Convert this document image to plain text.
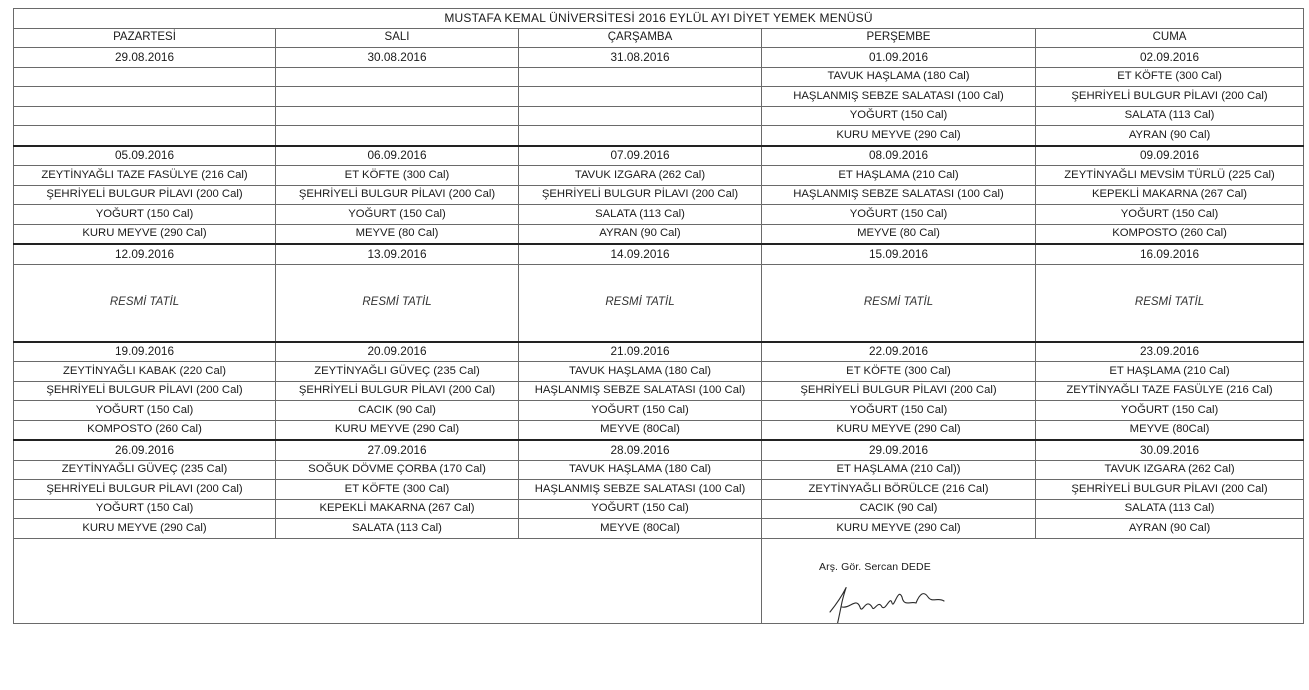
MUSTAFA KEMAL ÜNİVERSİTESİ 2016 EYLÜL AYI DİYET YEMEK MENÜSÜ				
PAZARTESİ	SALI	ÇARŞAMBA	PERŞEMBE	CUMA
29.08.2016	30.08.2016	31.08.2016	01.09.2016	02.09.2016
			TAVUK HAŞLAMA (180 Cal)	ET KÖFTE (300 Cal)
			HAŞLANMIŞ SEBZE SALATASI (100 Cal)	ŞEHRİYELİ BULGUR PİLAVI (200 Cal)
			YOĞURT (150 Cal)	SALATA (113 Cal)
			KURU MEYVE (290 Cal)	AYRAN (90 Cal)
05.09.2016	06.09.2016	07.09.2016	08.09.2016	09.09.2016
ZEYTİNYAĞLI TAZE FASÜLYE (216 Cal)	ET KÖFTE (300 Cal)	TAVUK IZGARA (262 Cal)	ET HAŞLAMA (210 Cal)	ZEYTİNYAĞLI MEVSİM TÜRLÜ (225 Cal)
ŞEHRİYELİ BULGUR PİLAVI (200 Cal)	ŞEHRİYELİ BULGUR PİLAVI (200 Cal)	ŞEHRİYELİ BULGUR PİLAVI (200 Cal)	HAŞLANMIŞ SEBZE SALATASI (100 Cal)	KEPEKLİ MAKARNA (267 Cal)
YOĞURT (150 Cal)	YOĞURT (150 Cal)	SALATA (113 Cal)	YOĞURT (150 Cal)	YOĞURT (150 Cal)
KURU MEYVE (290 Cal)	MEYVE (80 Cal)	AYRAN (90 Cal)	MEYVE (80 Cal)	KOMPOSTO (260 Cal)
12.09.2016	13.09.2016	14.09.2016	15.09.2016	16.09.2016
RESMİ TATİL	RESMİ TATİL	RESMİ TATİL	RESMİ TATİL	RESMİ TATİL
19.09.2016	20.09.2016	21.09.2016	22.09.2016	23.09.2016
ZEYTİNYAĞLI KABAK (220 Cal)	ZEYTİNYAĞLI GÜVEÇ (235 Cal)	TAVUK HAŞLAMA (180 Cal)	ET KÖFTE (300 Cal)	ET HAŞLAMA (210 Cal)
ŞEHRİYELİ BULGUR PİLAVI (200 Cal)	ŞEHRİYELİ BULGUR PİLAVI (200 Cal)	HAŞLANMIŞ SEBZE SALATASI (100 Cal)	ŞEHRİYELİ BULGUR PİLAVI (200 Cal)	ZEYTİNYAĞLI TAZE FASÜLYE (216 Cal)
YOĞURT (150 Cal)	CACIK (90 Cal)	YOĞURT (150 Cal)	YOĞURT (150 Cal)	YOĞURT (150 Cal)
KOMPOSTO (260 Cal)	KURU MEYVE (290 Cal)	MEYVE (80Cal)	KURU MEYVE (290 Cal)	MEYVE (80Cal)
26.09.2016	27.09.2016	28.09.2016	29.09.2016	30.09.2016
ZEYTİNYAĞLI GÜVEÇ (235 Cal)	SOĞUK DÖVME ÇORBA (170 Cal)	TAVUK HAŞLAMA (180 Cal)	ET HAŞLAMA (210 Cal))	TAVUK IZGARA (262 Cal)
ŞEHRİYELİ BULGUR PİLAVI (200 Cal)	ET KÖFTE (300 Cal)	HAŞLANMIŞ SEBZE SALATASI (100 Cal)	ZEYTİNYAĞLI BÖRÜLCE (216 Cal)	ŞEHRİYELİ BULGUR PİLAVI (200 Cal)
YOĞURT (150 Cal)	KEPEKLİ MAKARNA (267 Cal)	YOĞURT (150 Cal)	CACIK (90 Cal)	SALATA (113 Cal)
KURU MEYVE (290 Cal)	SALATA (113 Cal)	MEYVE (80Cal)	KURU MEYVE (290 Cal)	AYRAN (90 Cal)

			Arş. Gör. Sercan DEDE	
